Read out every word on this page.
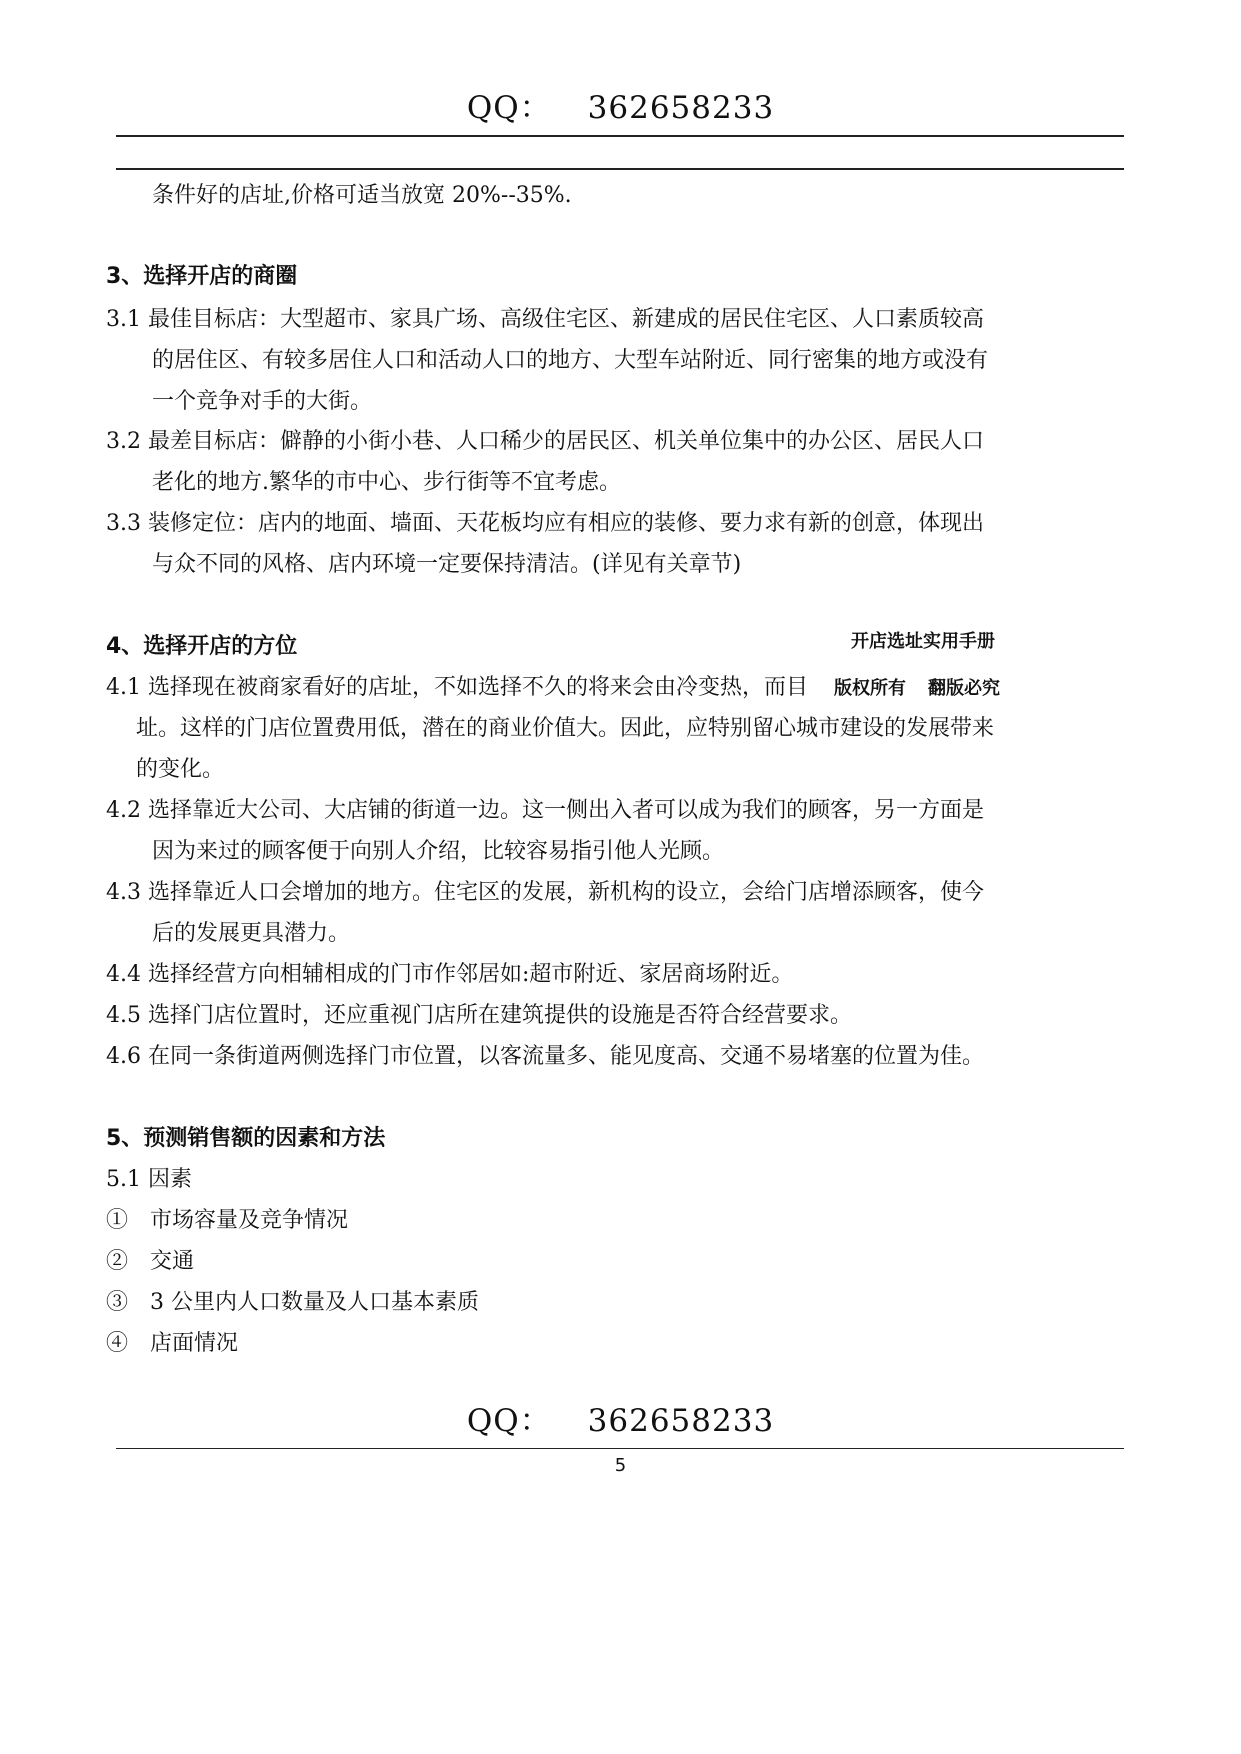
QQ： 362658233
条件好的店址,价格可适当放宽 20%--35%.
3、选择开店的商圈
3.1 最佳目标店：大型超市、家具广场、高级住宅区、新建成的居民住宅区、人口素质较高
的居住区、有较多居住人口和活动人口的地方、大型车站附近、同行密集的地方或没有
一个竞争对手的大街。
3.2 最差目标店：僻静的小街小巷、人口稀少的居民区、机关单位集中的办公区、居民人口
老化的地方.繁华的市中心、步行街等不宜考虑。
3.3 装修定位：店内的地面、墙面、天花板均应有相应的装修、要力求有新的创意，体现出
与众不同的风格、店内环境一定要保持清洁。(详见有关章节)
4、选择开店的方位
4.1 选择现在被商家看好的店址，不如选择不久的将来会由冷变热，而目
址。这样的门店位置费用低，潜在的商业价值大。因此，应特别留心城市建设的发展带来
的变化。
4.2 选择靠近大公司、大店铺的街道一边。这一侧出入者可以成为我们的顾客，另一方面是
因为来过的顾客便于向别人介绍，比较容易指引他人光顾。
4.3 选择靠近人口会增加的地方。住宅区的发展，新机构的设立，会给门店增添顾客，使今
后的发展更具潜力。
4.4 选择经营方向相辅相成的门市作邻居如:超市附近、家居商场附近。
4.5 选择门店位置时，还应重视门店所在建筑提供的设施是否符合经营要求。
4.6 在同一条街道两侧选择门市位置，以客流量多、能见度高、交通不易堵塞的位置为佳。
5、预测销售额的因素和方法
5.1 因素
①　市场容量及竞争情况
②　交通
③　3 公里内人口数量及人口基本素质
④　店面情况
开店选址实用手册
版权所有 翻版必究
QQ： 362658233
5
